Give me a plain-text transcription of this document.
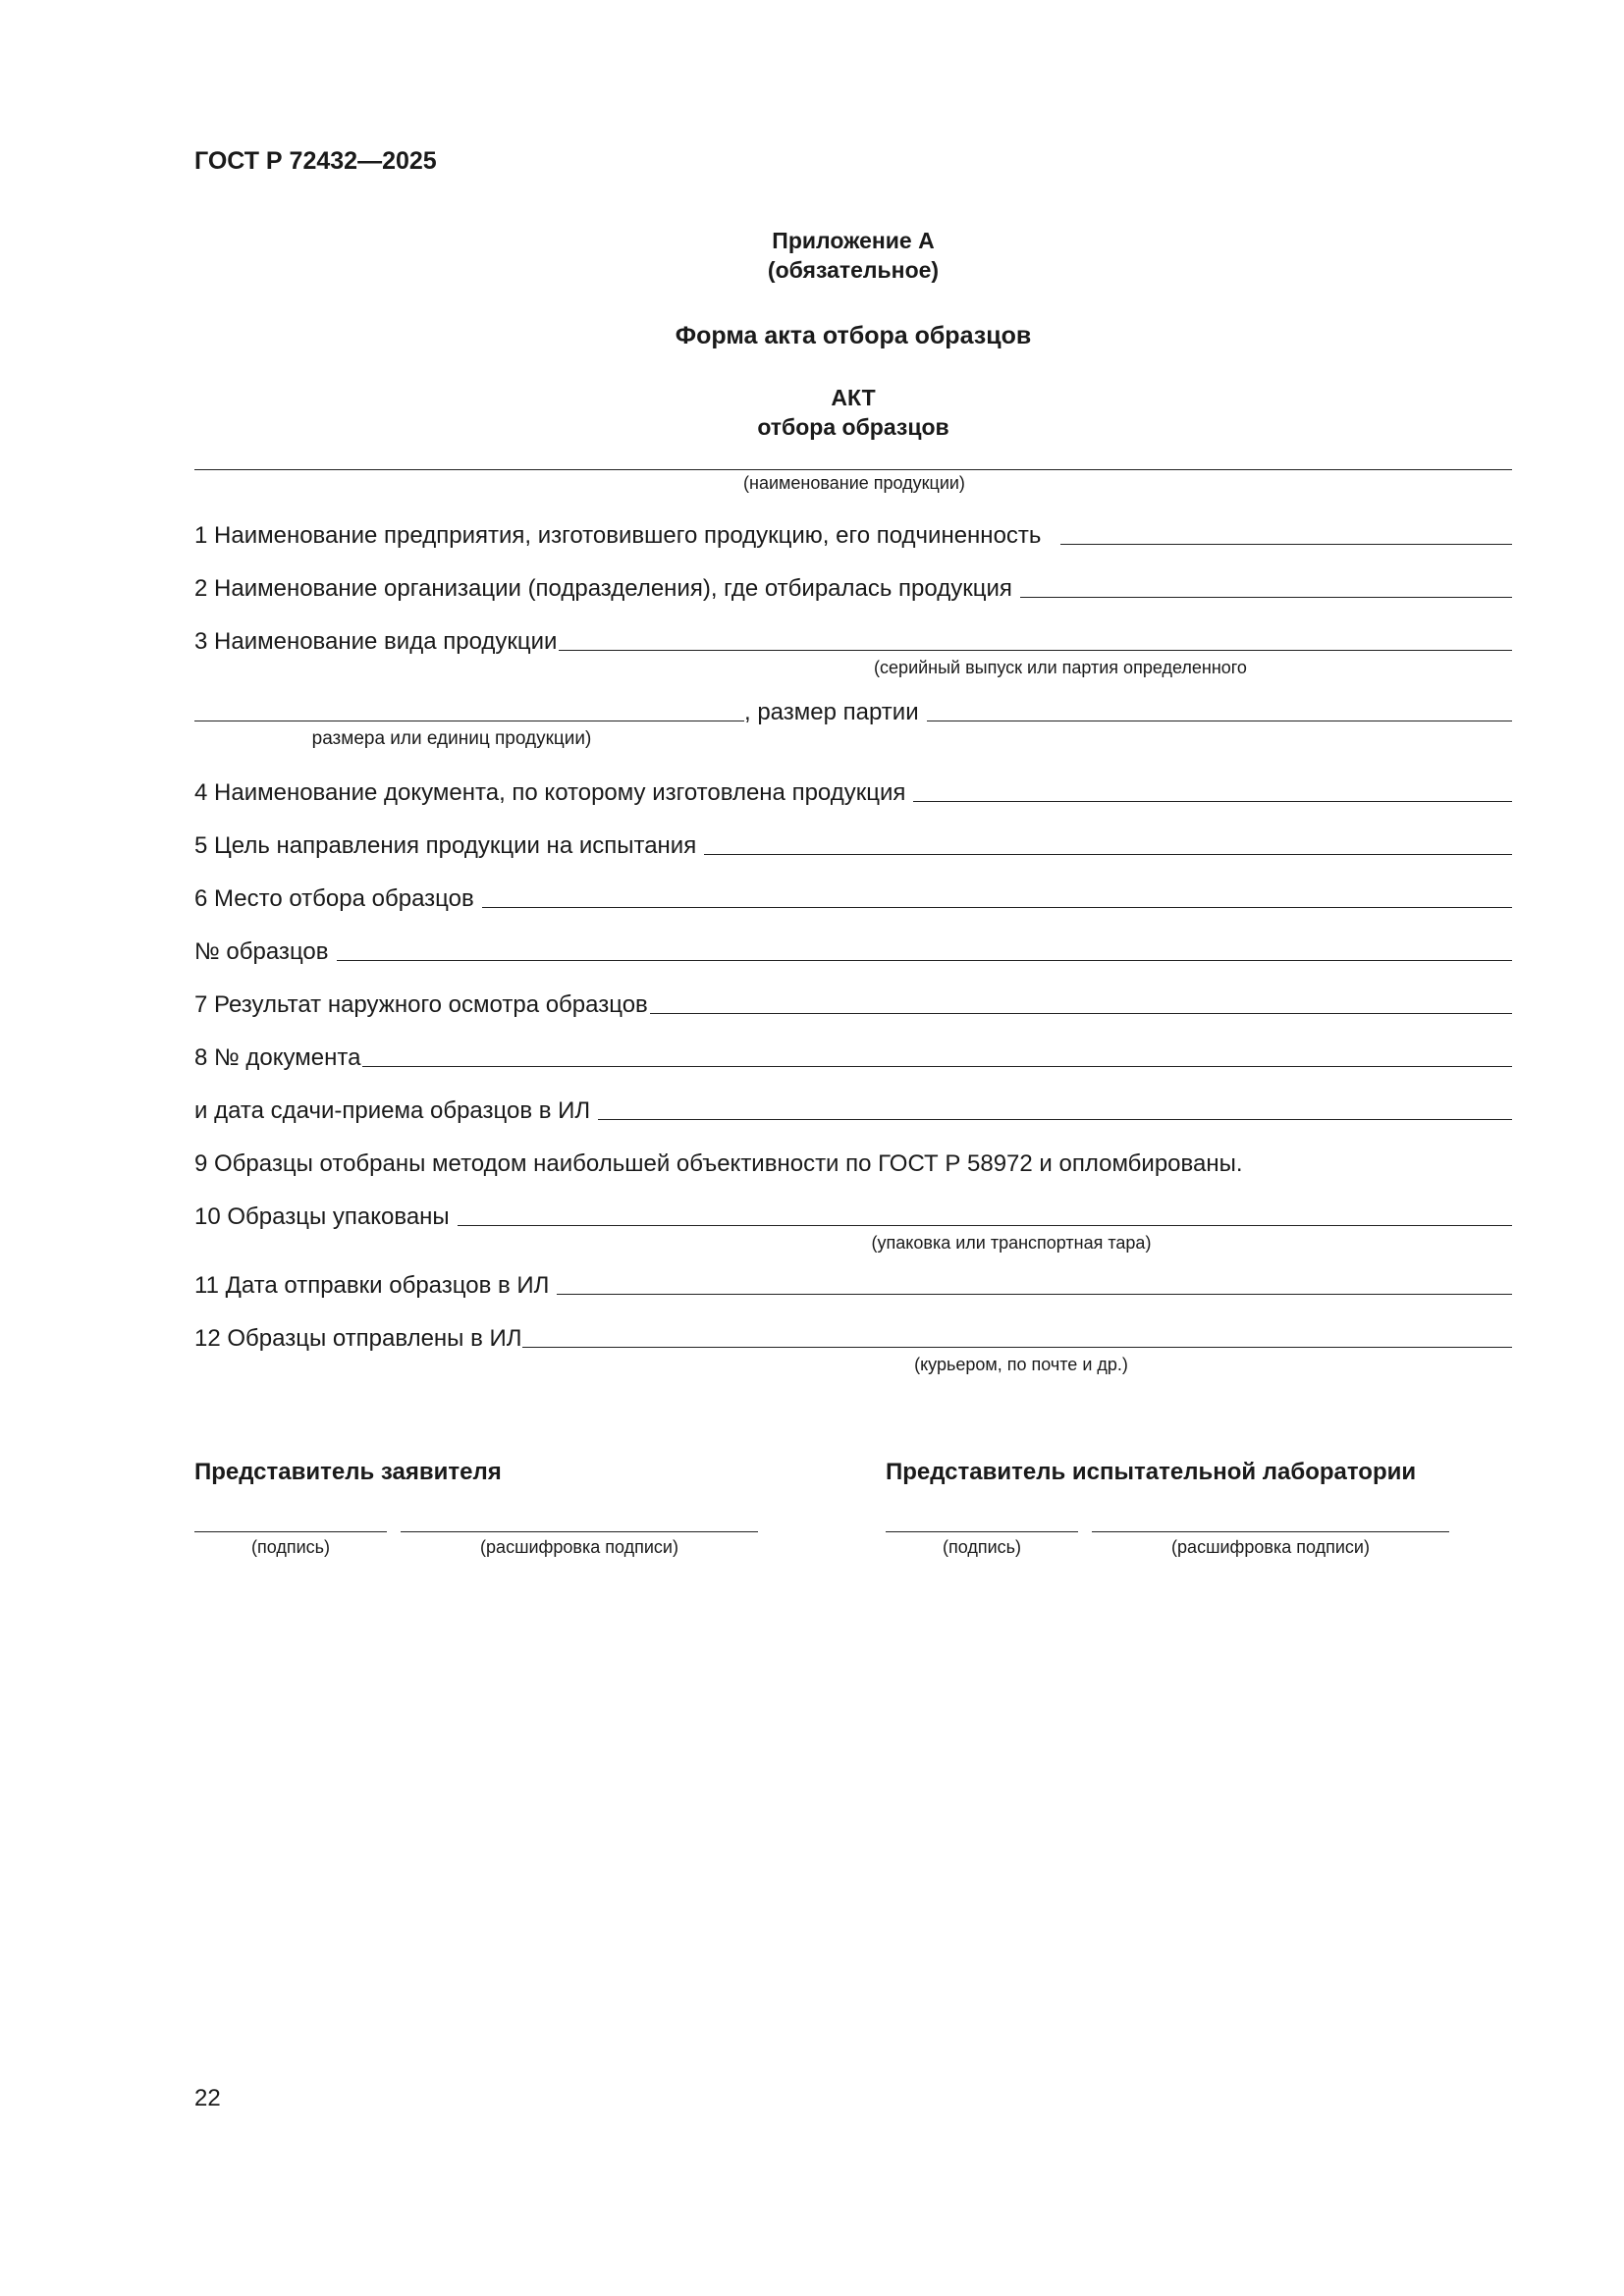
ГОСТ Р 72432—2025
Приложение А
(обязательное)
Форма акта отбора образцов
АКТ
отбора образцов
(наименование продукции)
1 Наименование предприятия, изготовившего продукцию, его подчиненность
2 Наименование организации (подразделения), где отбиралась продукция
3 Наименование вида продукции
(серийный выпуск или партия определенного
, размер партии
размера или единиц продукции)
4 Наименование документа, по которому изготовлена продукция
5 Цель направления продукции на испытания
6 Место отбора образцов
№ образцов
7 Результат наружного осмотра образцов
8 № документа
и дата сдачи-приема образцов в ИЛ
9 Образцы отобраны методом наибольшей объективности по ГОСТ Р 58972 и опломбированы.
10 Образцы упакованы
(упаковка или транспортная тара)
11 Дата отправки образцов в ИЛ
12 Образцы отправлены в ИЛ
(курьером, по почте и др.)
Представитель заявителя
(подпись)	(расшифровка подписи)
Представитель испытательной лаборатории
(подпись)	(расшифровка подписи)
22
